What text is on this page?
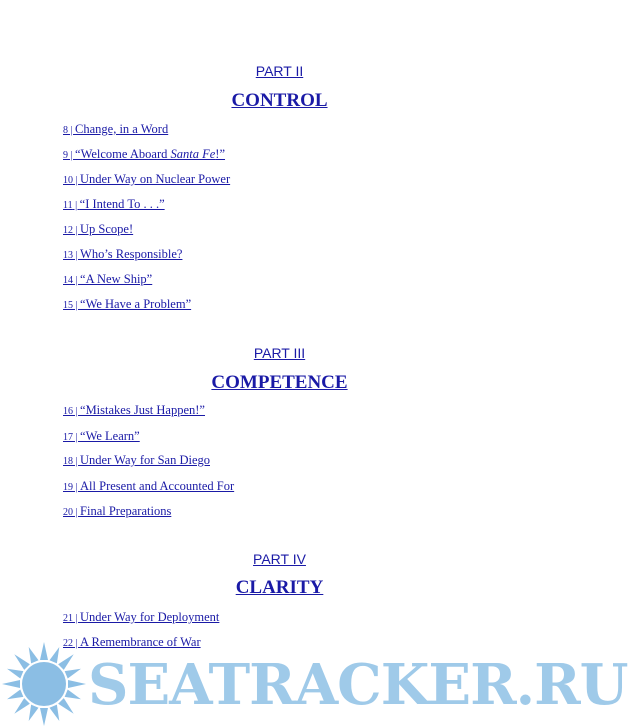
PART II
CONTROL
8 | Change, in a Word
9 | “Welcome Aboard Santa Fe!”
10 | Under Way on Nuclear Power
11 | “I Intend To . . .”
12 | Up Scope!
13 | Who’s Responsible?
14 | “A New Ship”
15 | “We Have a Problem”
PART III
COMPETENCE
16 | “Mistakes Just Happen!”
17 | “We Learn”
18 | Under Way for San Diego
19 | All Present and Accounted For
20 | Final Preparations
PART IV
CLARITY
21 | Under Way for Deployment
22 | A Remembrance of War
SEATRACKER.RU
